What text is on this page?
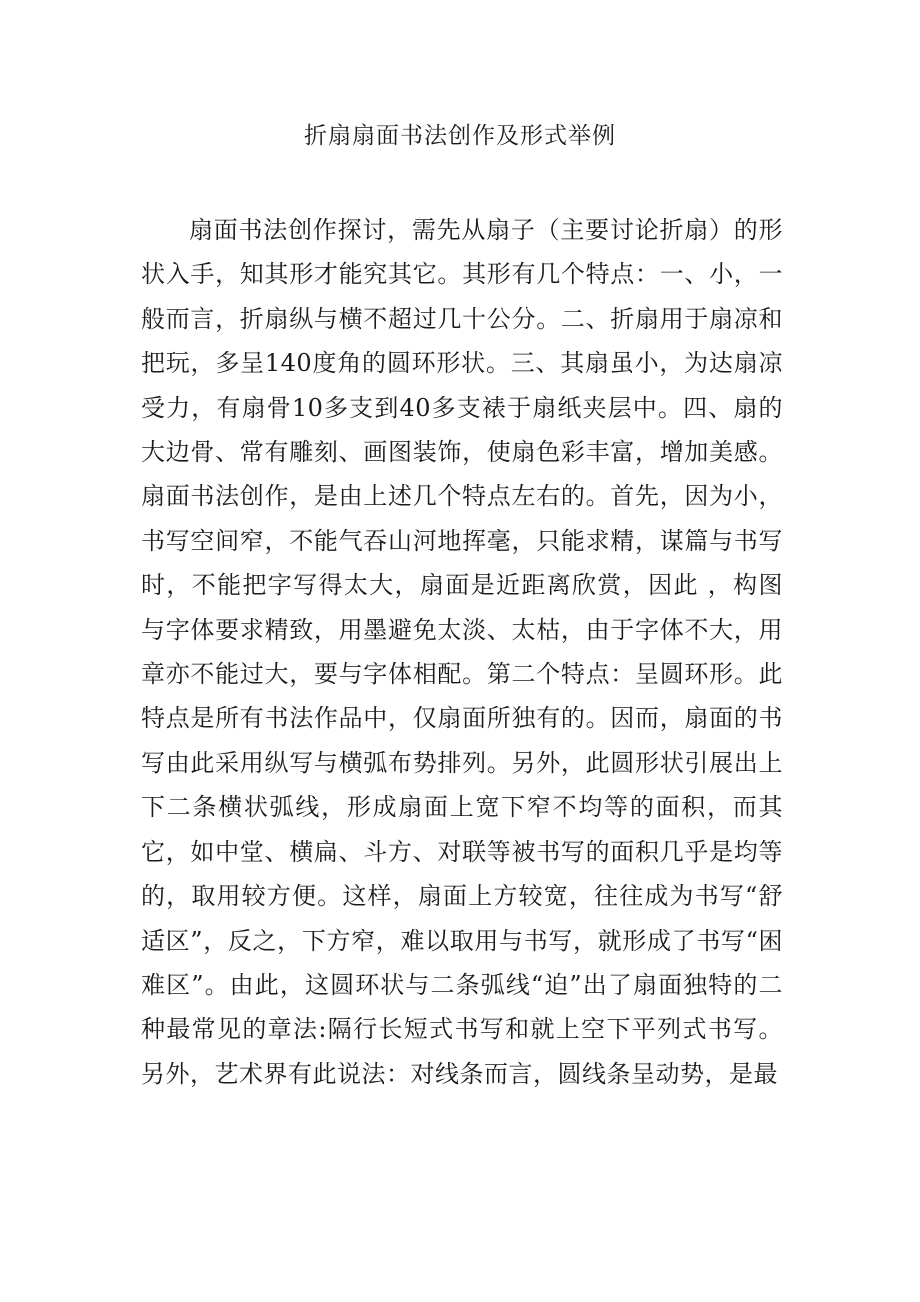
折扇扇面书法创作及形式举例

扇面书法创作探讨，需先从扇子（主要讨论折扇）的形状入手，知其形才能究其它。其形有几个特点：一、小，一般而言，折扇纵与横不超过几十公分。二、折扇用于扇凉和把玩，多呈140度角的圆环形状。三、其扇虽小，为达扇凉受力，有扇骨10多支到40多支裱于扇纸夹层中。四、扇的大边骨、常有雕刻、画图装饰，使扇色彩丰富，增加美感。扇面书法创作，是由上述几个特点左右的。首先，因为小，书写空间窄，不能气吞山河地挥毫，只能求精，谋篇与书写时，不能把字写得太大，扇面是近距离欣赏，因此 ，构图与字体要求精致，用墨避免太淡、太枯，由于字体不大，用章亦不能过大，要与字体相配。第二个特点：呈圆环形。此特点是所有书法作品中，仅扇面所独有的。因而，扇面的书写由此采用纵写与横弧布势排列。另外，此圆形状引展出上下二条横状弧线，形成扇面上宽下窄不均等的面积，而其它，如中堂、横扁、斗方、对联等被书写的面积几乎是均等的，取用较方便。这样，扇面上方较宽，往往成为书写“舒适区”，反之，下方窄，难以取用与书写，就形成了书写“困难区”。由此，这圆环状与二条弧线“迫”出了扇面独特的二种最常见的章法:隔行长短式书写和就上空下平列式书写。另外，艺术界有此说法：对线条而言，圆线条呈动势，是最
